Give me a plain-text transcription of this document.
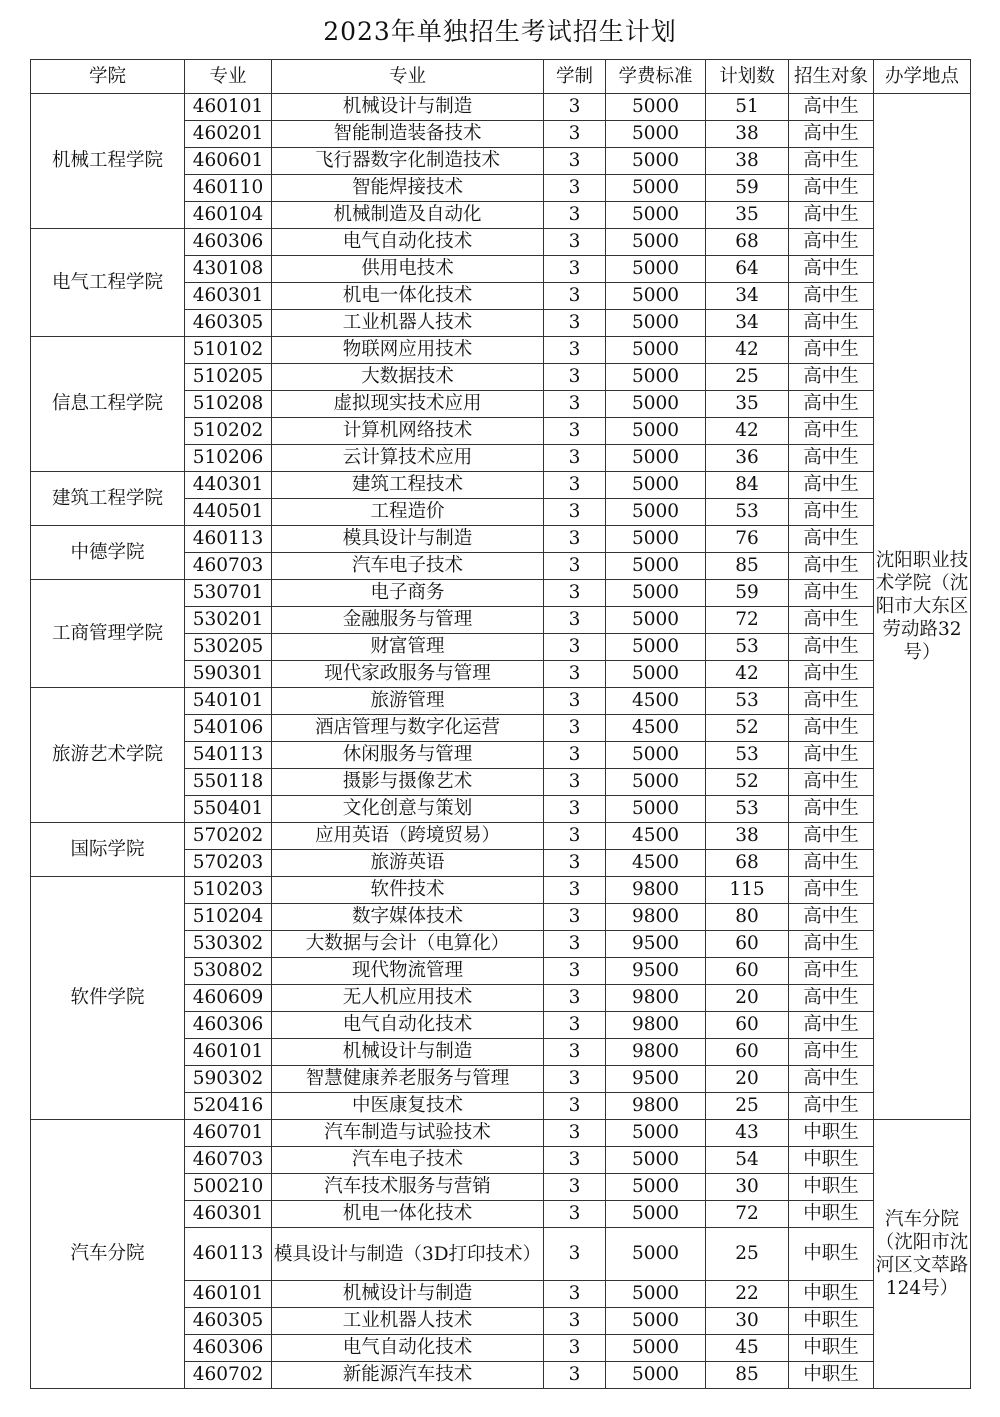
2023年单独招生考试招生计划
学院	专业	专业	学制	学费标准	计划数	招生对象	办学地点
机械工程学院	460101	机械设计与制造	3	5000	51	高中生	沈阳职业技术学院（沈阳市大东区劳动路32号）
	460201	智能制造装备技术	3	5000	38	高中生	
	460601	飞行器数字化制造技术	3	5000	38	高中生	
	460110	智能焊接技术	3	5000	59	高中生	
	460104	机械制造及自动化	3	5000	35	高中生	
电气工程学院	460306	电气自动化技术	3	5000	68	高中生	
	430108	供用电技术	3	5000	64	高中生	
	460301	机电一体化技术	3	5000	34	高中生	
	460305	工业机器人技术	3	5000	34	高中生	
信息工程学院	510102	物联网应用技术	3	5000	42	高中生	
	510205	大数据技术	3	5000	25	高中生	
	510208	虚拟现实技术应用	3	5000	35	高中生	
	510202	计算机网络技术	3	5000	42	高中生	
	510206	云计算技术应用	3	5000	36	高中生	
建筑工程学院	440301	建筑工程技术	3	5000	84	高中生	
	440501	工程造价	3	5000	53	高中生	
中德学院	460113	模具设计与制造	3	5000	76	高中生	
	460703	汽车电子技术	3	5000	85	高中生	
工商管理学院	530701	电子商务	3	5000	59	高中生	
	530201	金融服务与管理	3	5000	72	高中生	
	530205	财富管理	3	5000	53	高中生	
	590301	现代家政服务与管理	3	5000	42	高中生	
旅游艺术学院	540101	旅游管理	3	4500	53	高中生	
	540106	酒店管理与数字化运营	3	4500	52	高中生	
	540113	休闲服务与管理	3	5000	53	高中生	
	550118	摄影与摄像艺术	3	5000	52	高中生	
	550401	文化创意与策划	3	5000	53	高中生	
国际学院	570202	应用英语（跨境贸易）	3	4500	38	高中生	
	570203	旅游英语	3	4500	68	高中生	
软件学院	510203	软件技术	3	9800	115	高中生	
	510204	数字媒体技术	3	9800	80	高中生	
	530302	大数据与会计（电算化）	3	9500	60	高中生	
	530802	现代物流管理	3	9500	60	高中生	
	460609	无人机应用技术	3	9800	20	高中生	
	460306	电气自动化技术	3	9800	60	高中生	
	460101	机械设计与制造	3	9800	60	高中生	
	590302	智慧健康养老服务与管理	3	9500	20	高中生	
	520416	中医康复技术	3	9800	25	高中生	
汽车分院	460701	汽车制造与试验技术	3	5000	43	中职生	汽车分院（沈阳市沈河区文萃路124号）
	460703	汽车电子技术	3	5000	54	中职生	
	500210	汽车技术服务与营销	3	5000	30	中职生	
	460301	机电一体化技术	3	5000	72	中职生	
	460113	模具设计与制造（3D打印技术）	3	5000	25	中职生	
	460101	机械设计与制造	3	5000	22	中职生	
	460305	工业机器人技术	3	5000	30	中职生	
	460306	电气自动化技术	3	5000	45	中职生	
	460702	新能源汽车技术	3	5000	85	中职生	
